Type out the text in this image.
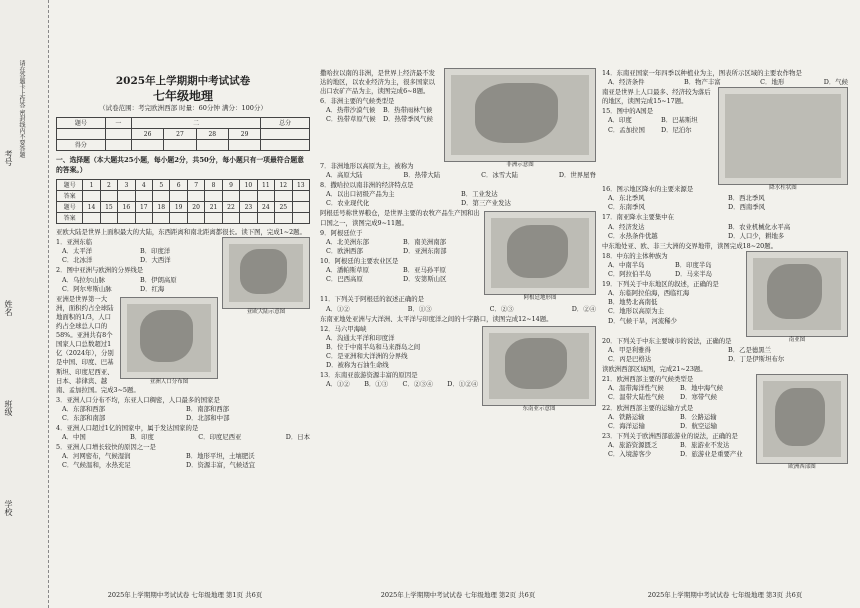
考号
姓名
班级
学校
请在答题卡上作答 密封线内不要答题	2025年上学期期中考试试卷
七年级地理
（试卷范围：考完欧洲西部 时量：60分钟 满分：100分）
题号	一	二				总分
		26	27	28	29	
得分						
一、选择题（本大题共25小题，每小题2分，共50分，每小题只有一项最符合题意的答案。）
题号	1	2	3	4	5	6	7	8	9	10	11	12	13
答案													
题号	14	15	16	17	18	19	20	21	22	23	24	25	
答案													

亚欧大陆是世界上面积最大的大陆，东西距离和南北距离都很长。读下图，完成1~2题。

亚欧大陆示意图

1．亚洲东临

A．太平洋	B．印度洋
C．北冰洋	D．大西洋

2．图中亚洲与欧洲的分界线是

A．乌拉尔山脉	B．伊朗高原
C．阿尔卑斯山脉	D．红海
亚洲人口分布图

亚洲是世界第一大洲，面积约占全球陆地面积的1/3，人口约占全球总人口的58%。亚洲共有8个国家人口总数超过1亿（2024年），分别是中国、印度、巴基斯坦、印度尼西亚、日本、菲律宾、越南、孟加拉国。完成3~5题。

3．亚洲人口分布不均，东亚人口稠密，人口最多的国家是

A．东部和西部	B．南部和西部
C．东部和南部	D．北部和中部

4．亚洲人口超过1亿的国家中，属于发达国家的是

A．中国	B．印度	C．印度尼西亚	D．日本

5．亚洲人口增长较快的原因之一是

A．河网密布，气候湿润	B．地形平坦，土壤肥沃
C．气候温和，水热充足	D．资源丰富，气候适宜
非洲示意图

撒哈拉以南的非洲，是世界上经济最不发达的地区，以农业经济为主，很多国家以出口农矿产品为主，读图完成6~8题。

6．非洲主要的气候类型是

A．热带沙漠气候	B．热带雨林气候
C．热带草原气候	D．热带季风气候

7．非洲地形以高原为主，被称为

A．高原大陆	B．热带大陆	C．冰雪大陆	D．世界屋脊

8．撒哈拉以南非洲的经济特点是

A．以出口初级产品为主	B．工业发达
C．农业现代化	D．第三产业发达
阿根廷地形图

阿根廷号称世界粮仓，是世界主要的农牧产品生产国和出口国之一，读图完成9~11题。

9．阿根廷位于

A．北美洲东部	B．南美洲南部
C．欧洲西部	D．亚洲东南部

10．阿根廷的主要农业区是

A．潘帕斯草原	B．亚马孙平原
C．巴西高原	D．安第斯山区

11．下列关于阿根廷的叙述正确的是

A．①②	B．①③	C．②③	D．②④

东南亚地处亚洲与大洋洲、太平洋与印度洋之间的十字路口，读图完成12~14题。

东南亚示意图

12．马六甲海峡

A．沟通太平洋和印度洋

B．位于中南半岛和马来群岛之间

C．是亚洲和大洋洲的分界线

D．被称为石油生命线

13．东南亚旅游资源丰富的原因是

A．①② B．①③ C．②③④ D．①②④

14．东南亚国家一年四季以种植业为主，图表所示区域的主要农作物是

A．经济条件	B．物产丰富	C．地形	D．气候
降水柱状图

南亚是世界上人口最多、经济较为落后的地区，读图完成15~17题。

15．图中的A国是

A．印度	B．巴基斯坦
C．孟加拉国	D．尼泊尔

16．图示地区降水的主要来源是

A．东北季风	B．西北季风
C．东南季风	D．西南季风

17．南亚降水主要集中在

A．经济发达	B．农业机械化水平高
C．水热条件优越	D．人口少，耕地多

中东地处亚、欧、非三大洲的交界地带，读图完成18~20题。

南亚图

18．中东的主体种族为

A．中南半岛	B．印度半岛
C．阿拉伯半岛	D．马来半岛

19．下列关于中东地区的叙述，正确的是

A．东临阿拉伯海，西临红海

B．地势北高南低

C．地形以高原为主

D．气候干旱，河流稀少

20．下列关于中东主要城市的说法，正确的是

A．甲是利雅得	B．乙是德黑兰
C．丙是巴格达	D．丁是伊斯坦布尔

读欧洲西部区域图，完成21~23题。

欧洲西部图

21．欧洲西部主要的气候类型是

A．温带海洋性气候	B．地中海气候
C．温带大陆性气候	D．寒带气候

22．欧洲西部主要的运输方式是

A．铁路运输	B．公路运输
C．海洋运输	D．航空运输

23．下列关于欧洲西部旅游业的说法，正确的是

A．旅游资源匮乏	B．旅游业不发达
C．入境游客少	D．旅游业是重要产业
2025年上学期期中考试试卷 七年级地理 第1页 共6页	2025年上学期期中考试试卷 七年级地理 第2页 共6页	2025年上学期期中考试试卷 七年级地理 第3页 共6页
